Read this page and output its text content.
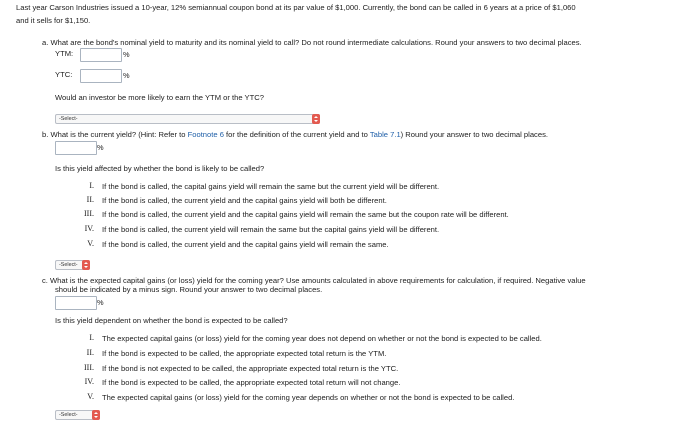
Last year Carson Industries issued a 10-year, 12% semiannual coupon bond at its par value of $1,000. Currently, the bond can be called in 6 years at a price of $1,060
and it sells for $1,150.
a. What are the bond's nominal yield to maturity and its nominal yield to call? Do not round intermediate calculations. Round your answers to two decimal places.
YTM:	%
YTC:	%
Would an investor be more likely to earn the YTM or the YTC?
-Select-
b. What is the current yield? (Hint: Refer to Footnote 6 for the definition of the current yield and to Table 7.1) Round your answer to two decimal places.
%
Is this yield affected by whether the bond is likely to be called?
I. If the bond is called, the capital gains yield will remain the same but the current yield will be different.
II. If the bond is called, the current yield and the capital gains yield will both be different.
III. If the bond is called, the current yield and the capital gains yield will remain the same but the coupon rate will be different.
IV. If the bond is called, the current yield will remain the same but the capital gains yield will be different.
V. If the bond is called, the current yield and the capital gains yield will remain the same.
-Select-
c. What is the expected capital gains (or loss) yield for the coming year? Use amounts calculated in above requirements for calculation, if required. Negative value
should be indicated by a minus sign. Round your answer to two decimal places.
%
Is this yield dependent on whether the bond is expected to be called?
I. The expected capital gains (or loss) yield for the coming year does not depend on whether or not the bond is expected to be called.
II. If the bond is expected to be called, the appropriate expected total return is the YTM.
III. If the bond is not expected to be called, the appropriate expected total return is the YTC.
IV. If the bond is expected to be called, the appropriate expected total return will not change.
V. The expected capital gains (or loss) yield for the coming year depends on whether or not the bond is expected to be called.
-Select-
